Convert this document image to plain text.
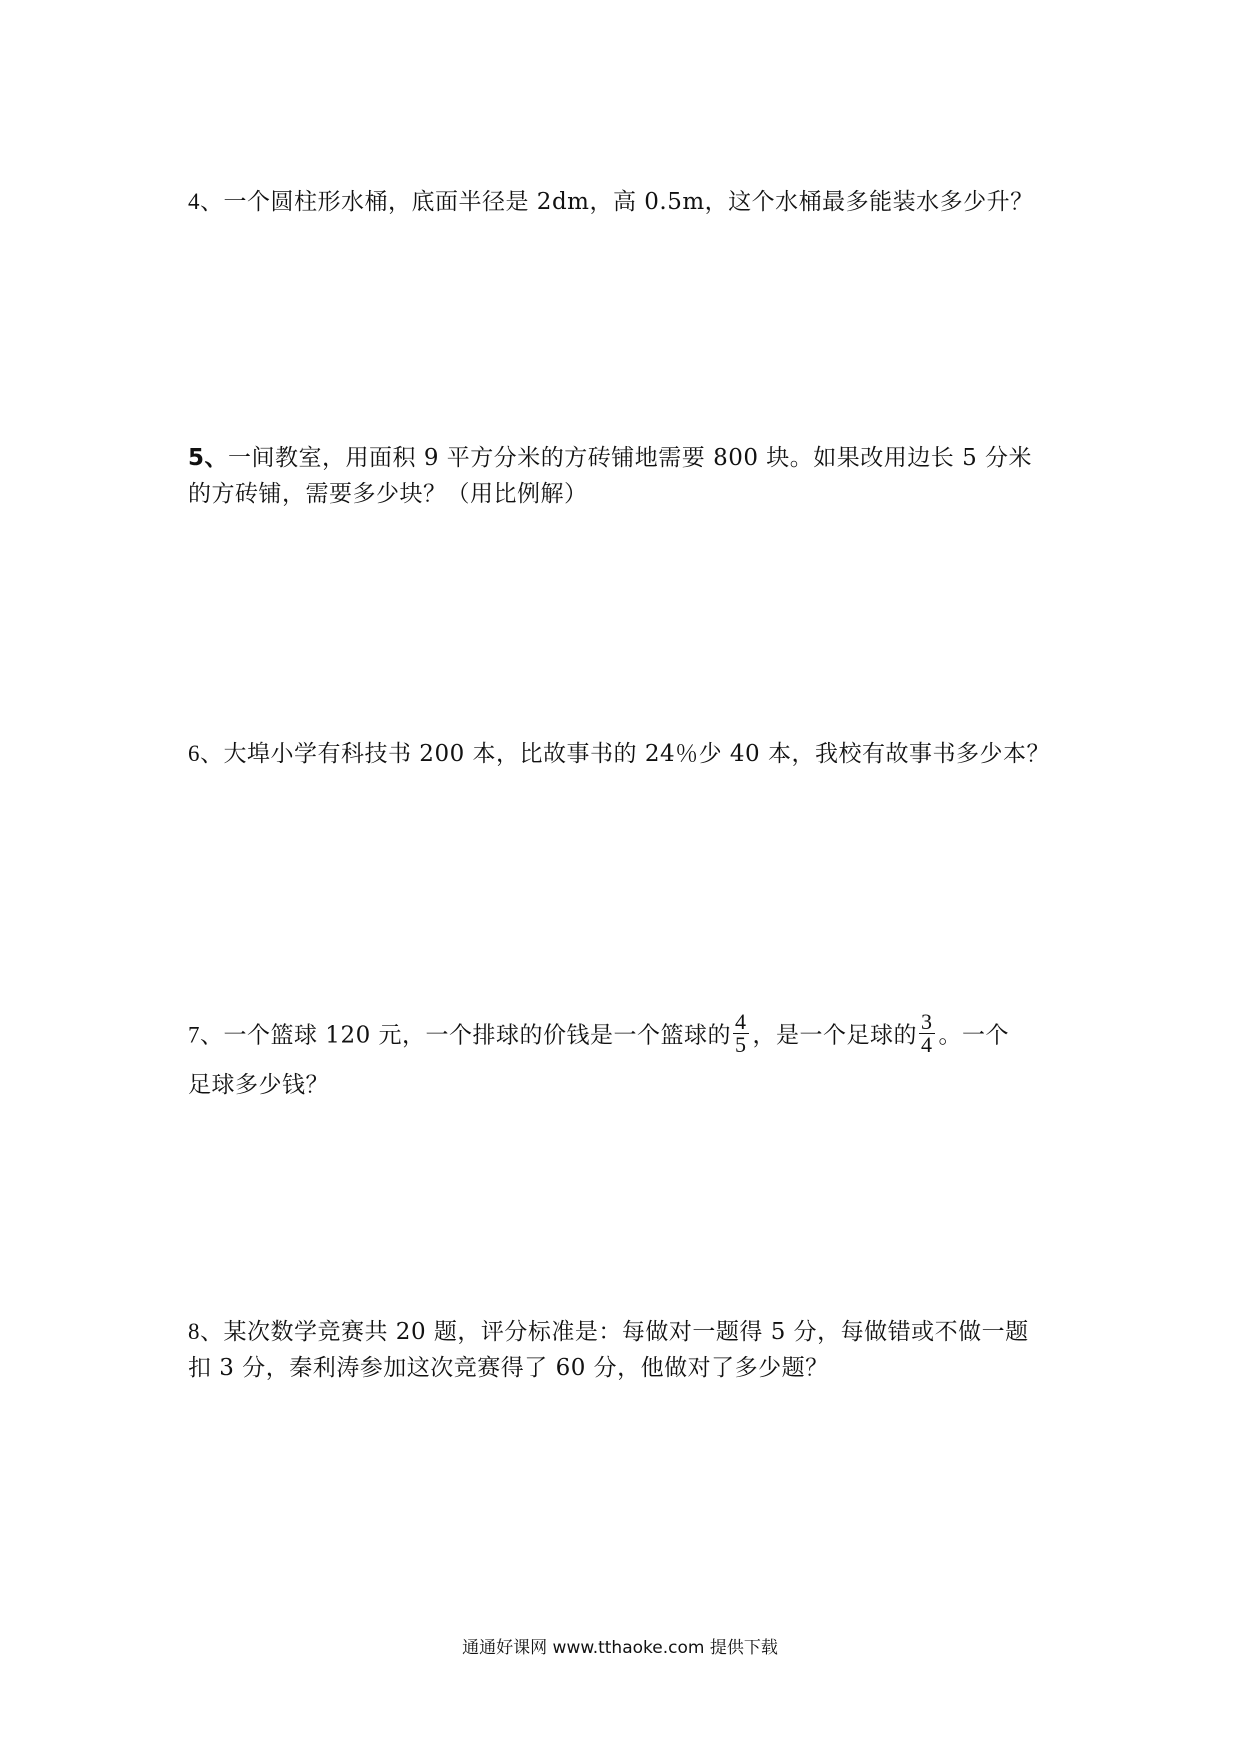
4、一个圆柱形水桶，底面半径是 2dm，高 0.5m，这个水桶最多能装水多少升？
5、一间教室，用面积 9 平方分米的方砖铺地需要 800 块。如果改用边长 5 分米
的方砖铺，需要多少块？（用比例解）
6、大埠小学有科技书 200 本，比故事书的 24％少 40 本，我校有故事书多少本？
7、一个篮球 120 元，一个排球的价钱是一个篮球的 $\frac{4}{5}$ ，是一个足球的 $\frac{3}{4}$ 。一个
足球多少钱？
8、某次数学竞赛共 20 题，评分标准是：每做对一题得 5 分，每做错或不做一题
扣 3 分，秦利涛参加这次竞赛得了 60 分，他做对了多少题？
通通好课网 www.tthaoke.com 提供下载
